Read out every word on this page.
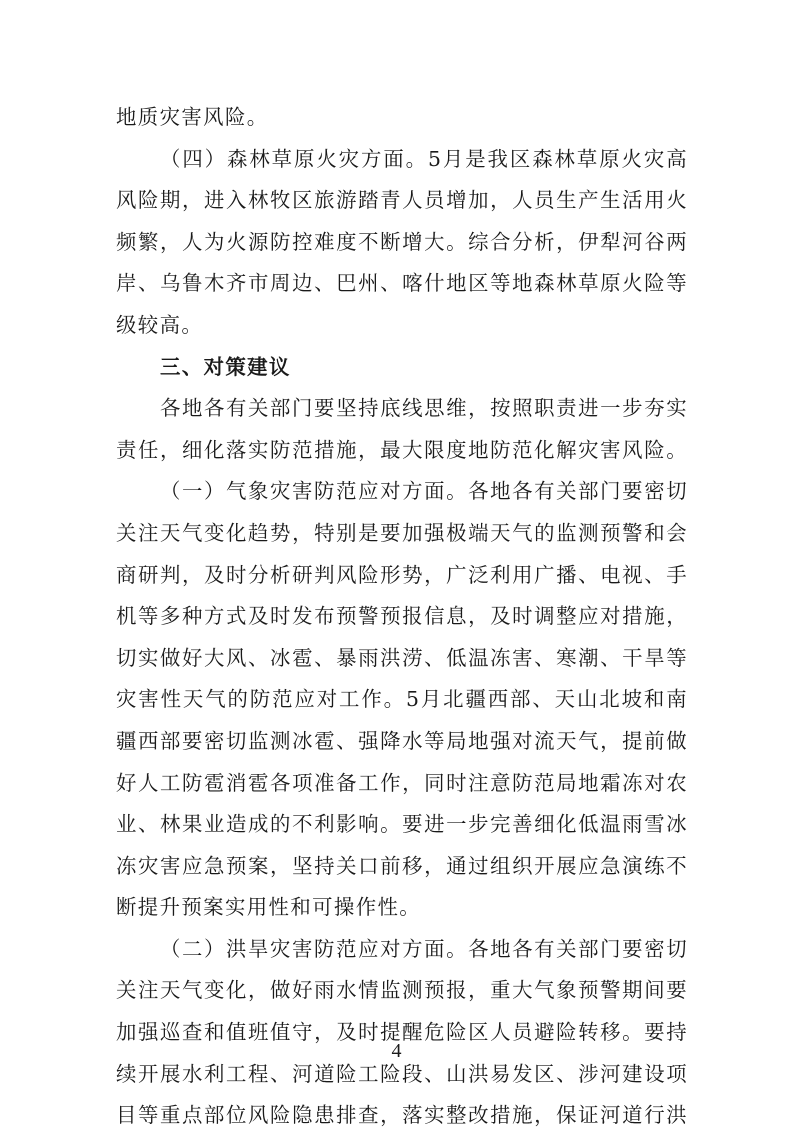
地质灾害风险。
（四）森林草原火灾方面。5月是我区森林草原火灾高
风险期，进入林牧区旅游踏青人员增加，人员生产生活用火
频繁，人为火源防控难度不断增大。综合分析，伊犁河谷两
岸、乌鲁木齐市周边、巴州、喀什地区等地森林草原火险等
级较高。
三、对策建议
各地各有关部门要坚持底线思维，按照职责进一步夯实
责任，细化落实防范措施，最大限度地防范化解灾害风险。
（一）气象灾害防范应对方面。各地各有关部门要密切
关注天气变化趋势，特别是要加强极端天气的监测预警和会
商研判，及时分析研判风险形势，广泛利用广播、电视、手
机等多种方式及时发布预警预报信息，及时调整应对措施，
切实做好大风、冰雹、暴雨洪涝、低温冻害、寒潮、干旱等
灾害性天气的防范应对工作。5月北疆西部、天山北坡和南
疆西部要密切监测冰雹、强降水等局地强对流天气，提前做
好人工防雹消雹各项准备工作，同时注意防范局地霜冻对农
业、林果业造成的不利影响。要进一步完善细化低温雨雪冰
冻灾害应急预案，坚持关口前移，通过组织开展应急演练不
断提升预案实用性和可操作性。
（二）洪旱灾害防范应对方面。各地各有关部门要密切
关注天气变化，做好雨水情监测预报，重大气象预警期间要
加强巡查和值班值守，及时提醒危险区人员避险转移。要持
续开展水利工程、河道险工险段、山洪易发区、涉河建设项
目等重点部位风险隐患排查，落实整改措施，保证河道行洪
4
